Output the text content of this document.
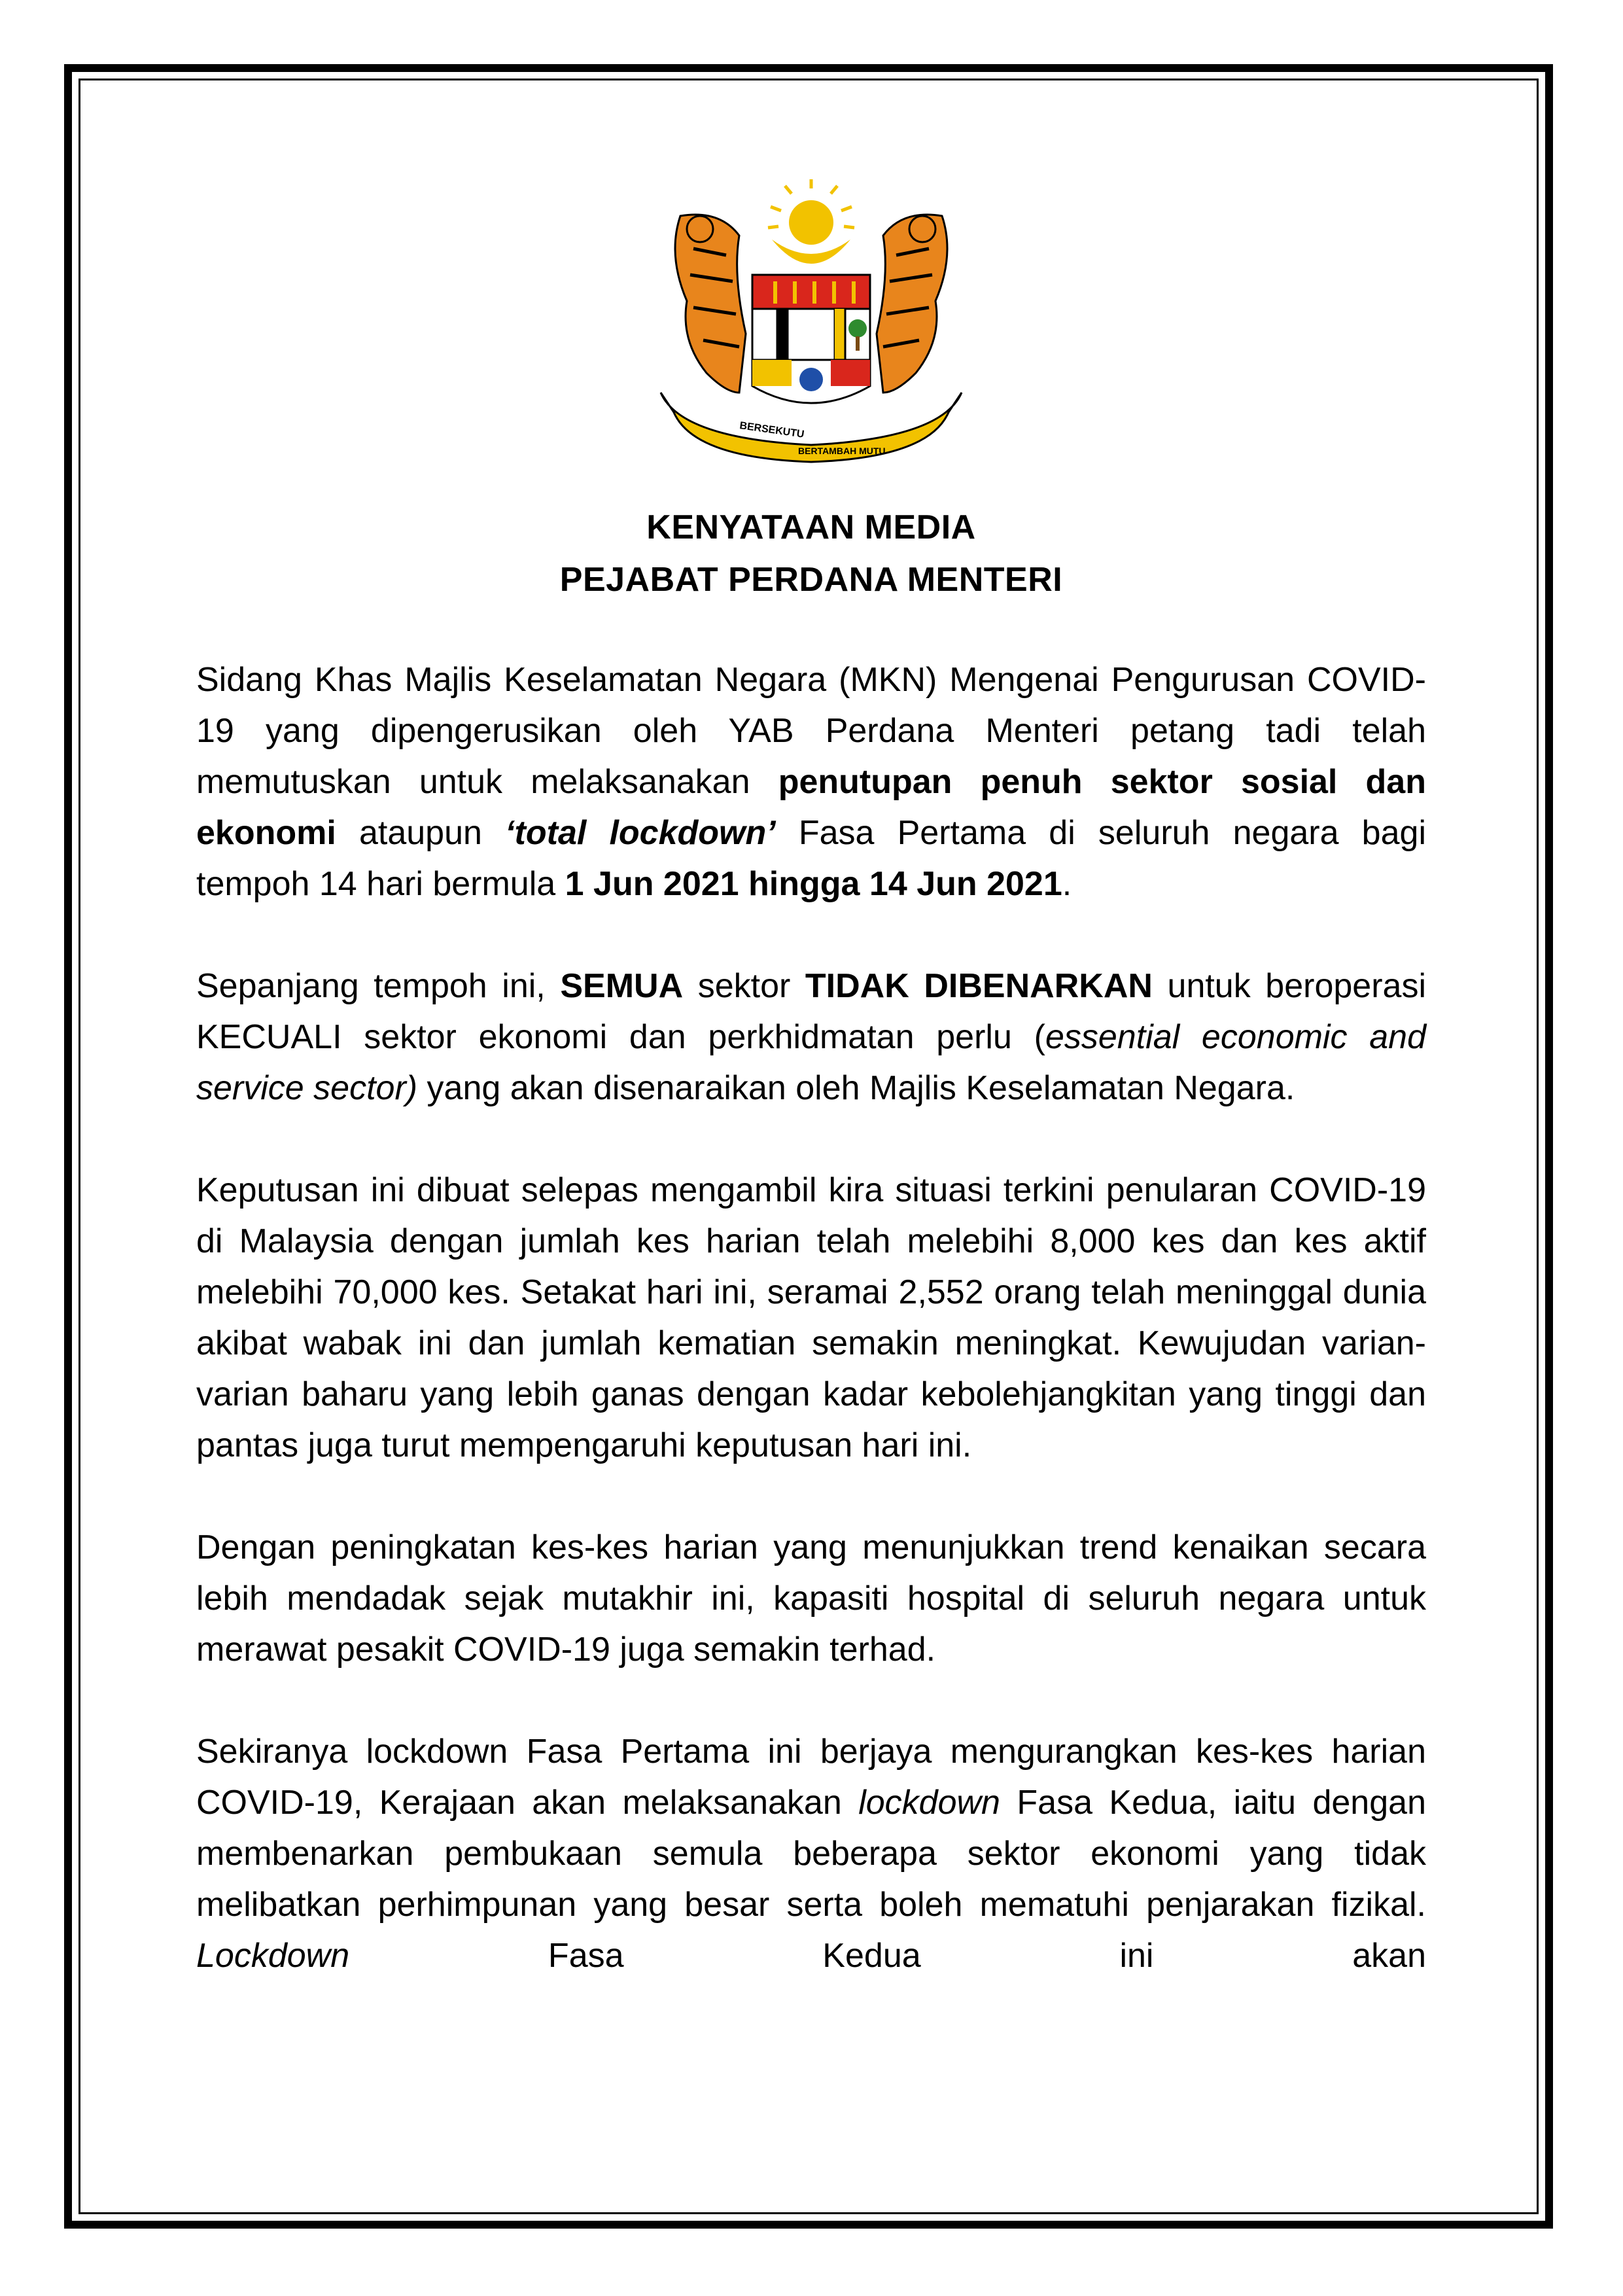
BERSEKUTU
BERTAMBAH MUTU
KENYATAAN MEDIA
PEJABAT PERDANA MENTERI

Sidang Khas Majlis Keselamatan Negara (MKN) Mengenai Pengurusan COVID-19 yang dipengerusikan oleh YAB Perdana Menteri petang tadi telah memutuskan untuk melaksanakan penutupan penuh sektor sosial dan ekonomi ataupun ‘total lockdown’ Fasa Pertama di seluruh negara bagi tempoh 14 hari bermula 1 Jun 2021 hingga 14 Jun 2021.

Sepanjang tempoh ini, SEMUA sektor TIDAK DIBENARKAN untuk beroperasi KECUALI sektor ekonomi dan perkhidmatan perlu (essential economic and service sector) yang akan disenaraikan oleh Majlis Keselamatan Negara.

Keputusan ini dibuat selepas mengambil kira situasi terkini penularan COVID-19 di Malaysia dengan jumlah kes harian telah melebihi 8,000 kes dan kes aktif melebihi 70,000 kes. Setakat hari ini, seramai 2,552 orang telah meninggal dunia akibat wabak ini dan jumlah kematian semakin meningkat. Kewujudan varian-varian baharu yang lebih ganas dengan kadar kebolehjangkitan yang tinggi dan pantas juga turut mempengaruhi keputusan hari ini.

Dengan peningkatan kes-kes harian yang menunjukkan trend kenaikan secara lebih mendadak sejak mutakhir ini, kapasiti hospital di seluruh negara untuk merawat pesakit COVID-19 juga semakin terhad.

Sekiranya lockdown Fasa Pertama ini berjaya mengurangkan kes-kes harian COVID-19, Kerajaan akan melaksanakan lockdown Fasa Kedua, iaitu dengan membenarkan pembukaan semula beberapa sektor ekonomi yang tidak melibatkan perhimpunan yang besar serta boleh mematuhi penjarakan fizikal. Lockdown Fasa Kedua ini akan
